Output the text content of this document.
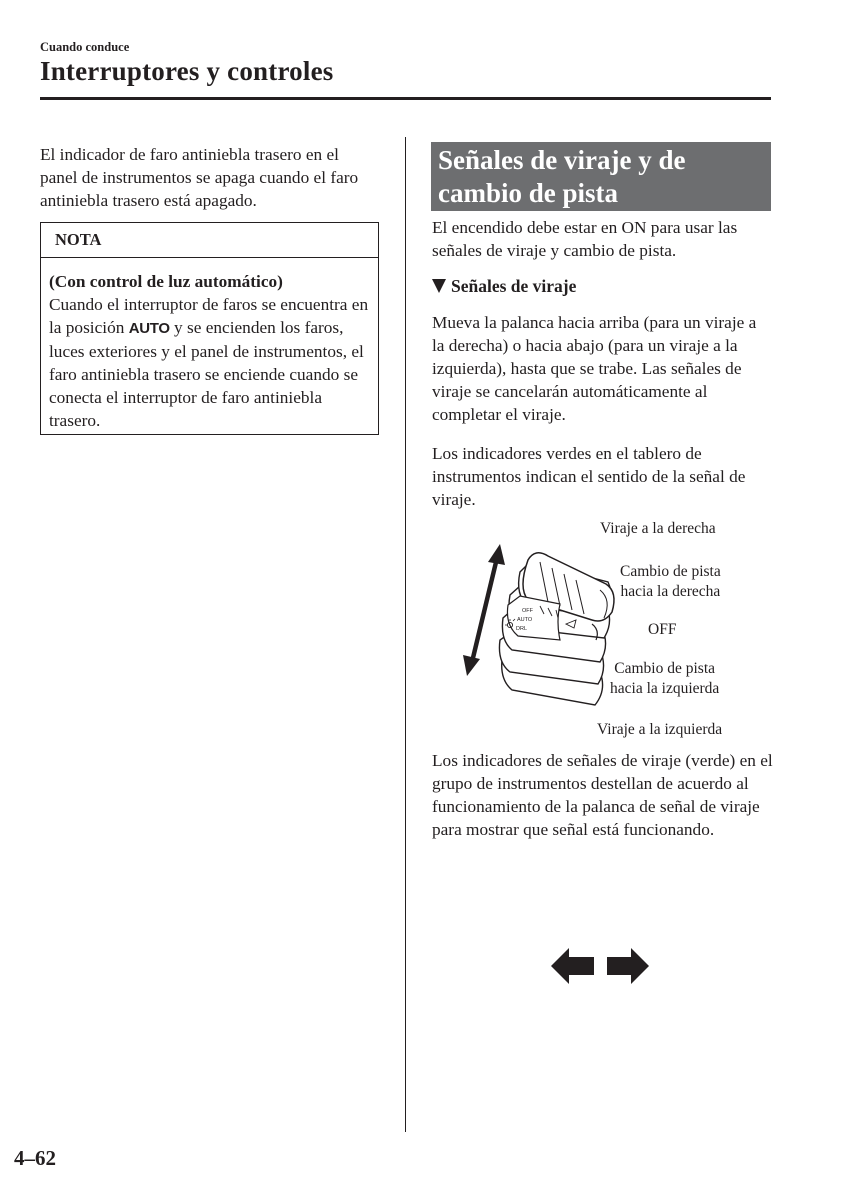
Cuando conduce
Interruptores y controles
El indicador de faro antiniebla trasero en el panel de instrumentos se apaga cuando el faro antiniebla trasero está apagado.
NOTA
(Con control de luz automático)
Cuando el interruptor de faros se encuentra en la posición AUTO y se encienden los faros, luces exteriores y el panel de instrumentos, el faro antiniebla trasero se enciende cuando se conecta el interruptor de faro antiniebla trasero.
Señales de viraje y de cambio de pista
El encendido debe estar en ON para usar las señales de viraje y cambio de pista.
Señales de viraje
Mueva la palanca hacia arriba (para un viraje a la derecha) o hacia abajo (para un viraje a la izquierda), hasta que se trabe. Las señales de viraje se cancelarán automáticamente al completar el viraje.
Los indicadores verdes en el tablero de instrumentos indican el sentido de la señal de viraje.
Viraje a la derecha
Cambio de pista
hacia la derecha
OFF
Cambio de pista
hacia la izquierda
Viraje a la izquierda
OFF
AUTO
DRL
Los indicadores de señales de viraje (verde) en el grupo de instrumentos destellan de acuerdo al funcionamiento de la palanca de señal de viraje para mostrar que señal está funcionando.
4–62
